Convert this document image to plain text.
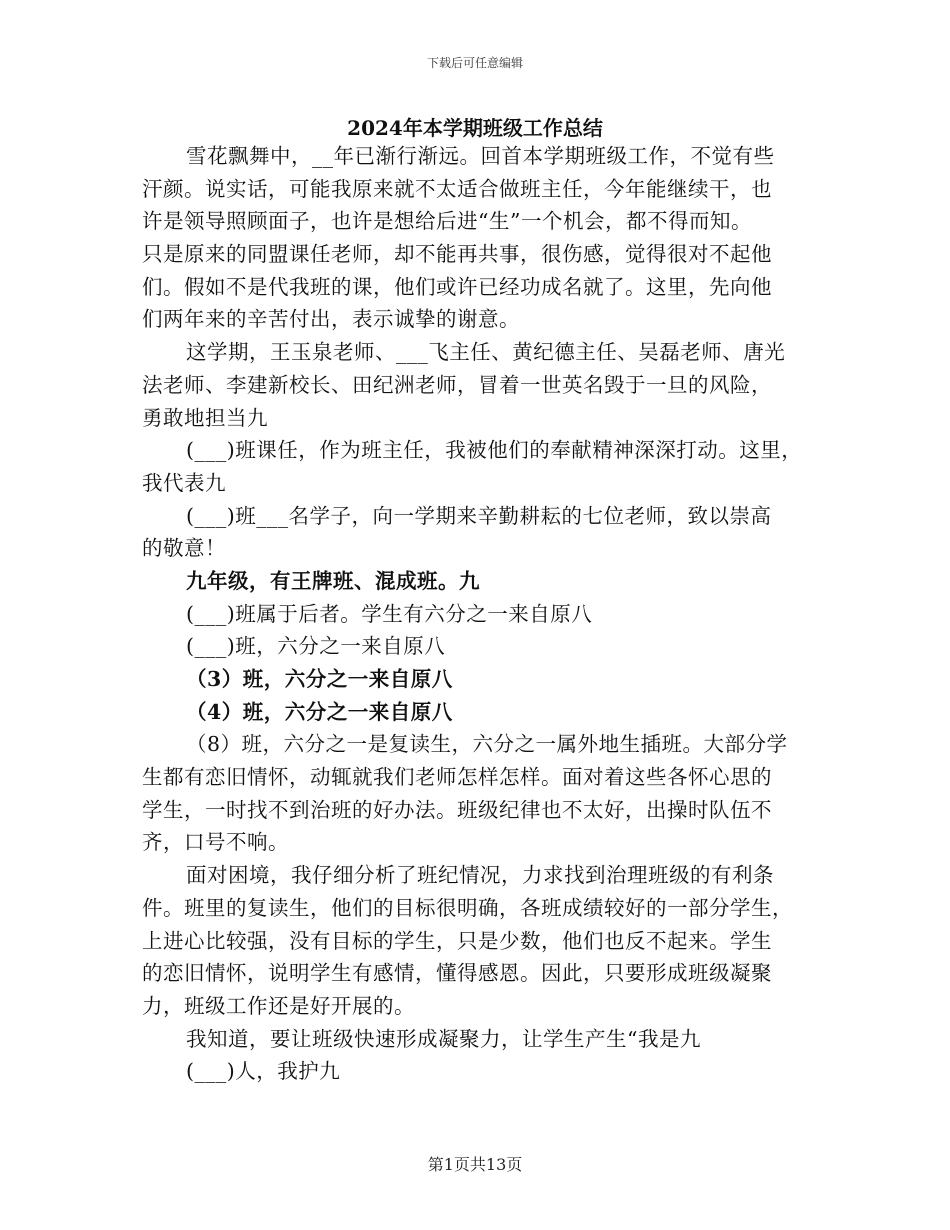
下载后可任意编辑
2024年本学期班级工作总结
雪花飘舞中，__年已渐行渐远。回首本学期班级工作，不觉有些
汗颜。说实话，可能我原来就不太适合做班主任，今年能继续干，也
许是领导照顾面子，也许是想给后进“生”一个机会，都不得而知。
只是原来的同盟课任老师，却不能再共事，很伤感，觉得很对不起他
们。假如不是代我班的课，他们或许已经功成名就了。这里，先向他
们两年来的辛苦付出，表示诚挚的谢意。
这学期，王玉泉老师、___飞主任、黄纪德主任、吴磊老师、唐光
法老师、李建新校长、田纪洲老师，冒着一世英名毁于一旦的风险，
勇敢地担当九
(___)班课任，作为班主任，我被他们的奉献精神深深打动。这里，
我代表九
(___)班___名学子，向一学期来辛勤耕耘的七位老师，致以崇高
的敬意！
九年级，有王牌班、混成班。九
(___)班属于后者。学生有六分之一来自原八
(___)班，六分之一来自原八
（3）班，六分之一来自原八
（4）班，六分之一来自原八
（8）班，六分之一是复读生，六分之一属外地生插班。大部分学
生都有恋旧情怀，动辄就我们老师怎样怎样。面对着这些各怀心思的
学生，一时找不到治班的好办法。班级纪律也不太好，出操时队伍不
齐，口号不响。
面对困境，我仔细分析了班纪情况，力求找到治理班级的有利条
件。班里的复读生，他们的目标很明确，各班成绩较好的一部分学生，
上进心比较强，没有目标的学生，只是少数，他们也反不起来。学生
的恋旧情怀，说明学生有感情，懂得感恩。因此，只要形成班级凝聚
力，班级工作还是好开展的。
我知道，要让班级快速形成凝聚力，让学生产生“我是九
(___)人，我护九
第1页共13页
